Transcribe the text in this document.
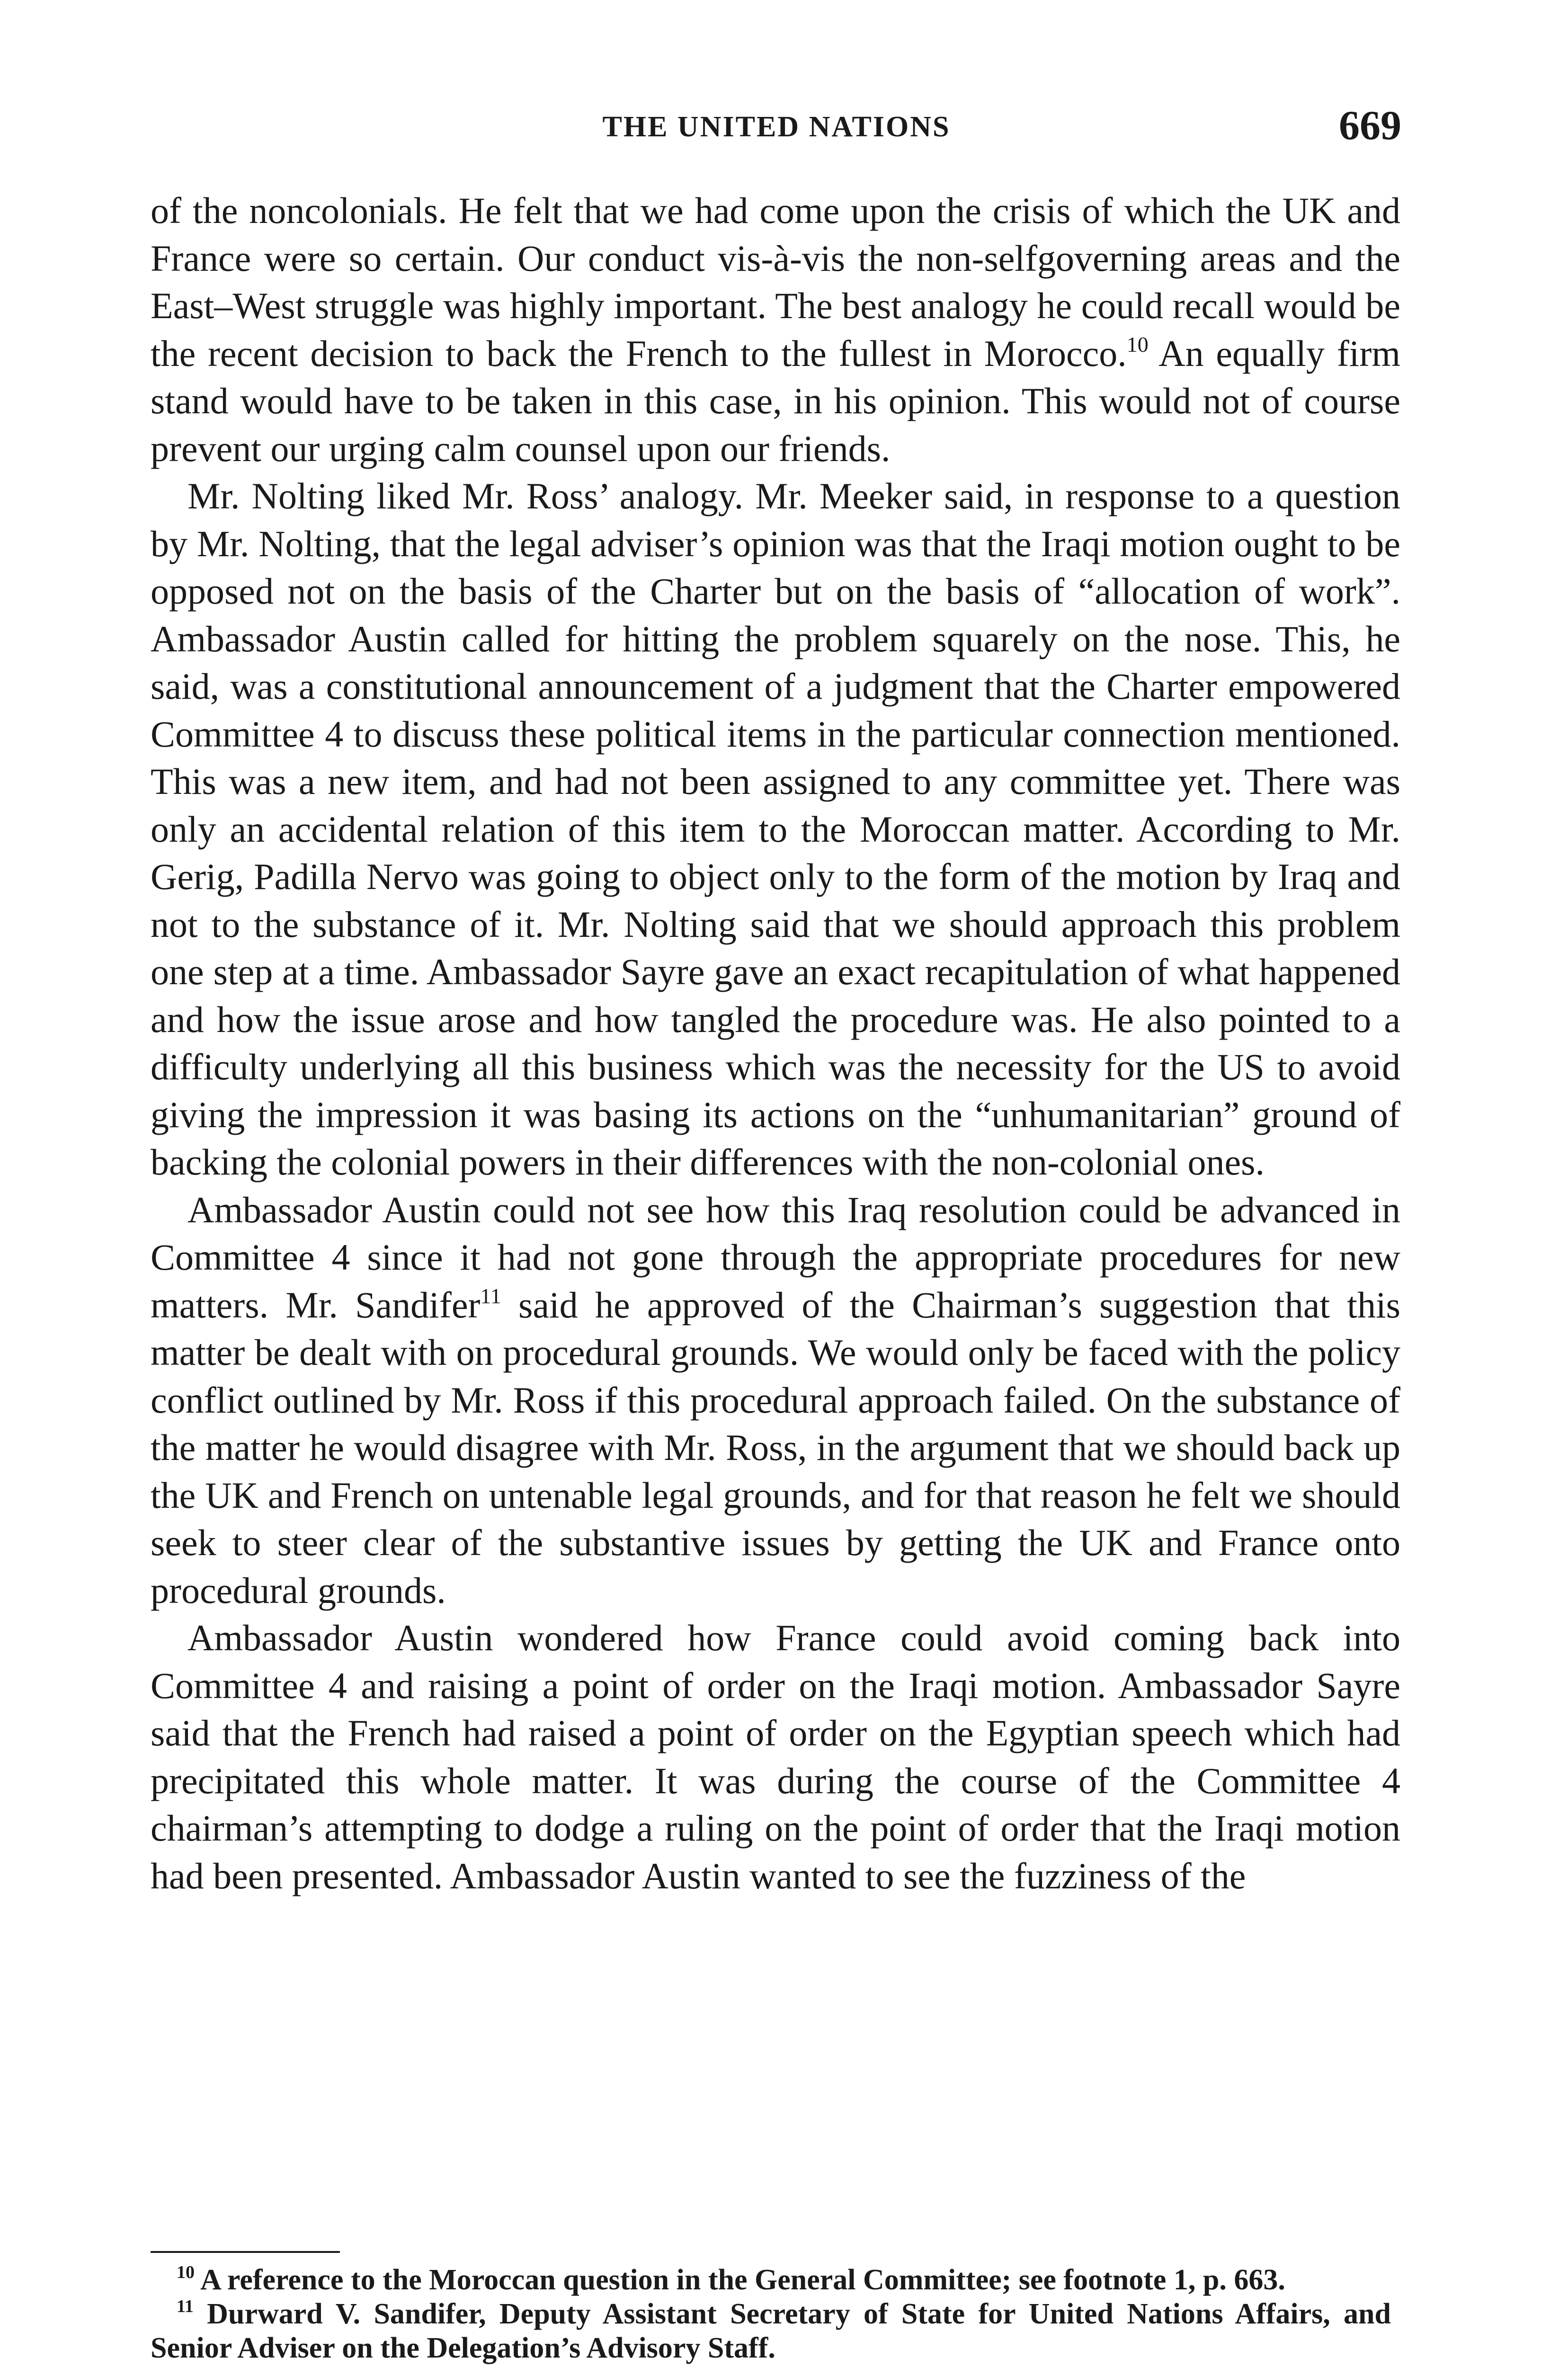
THE UNITED NATIONS	669

of the noncolonials. He felt that we had come upon the crisis of which the UK and France were so certain. Our conduct vis-à-vis the non-selfgoverning areas and the East–West struggle was highly important. The best analogy he could recall would be the recent decision to back the French to the fullest in Morocco.$^{10}$ An equally firm stand would have to be taken in this case, in his opinion. This would not of course prevent our urging calm counsel upon our friends.

Mr. Nolting liked Mr. Ross’ analogy. Mr. Meeker said, in response to a question by Mr. Nolting, that the legal adviser’s opinion was that the Iraqi motion ought to be opposed not on the basis of the Charter but on the basis of “allocation of work”. Ambassador Austin called for hitting the problem squarely on the nose. This, he said, was a constitutional announcement of a judgment that the Charter empowered Committee 4 to discuss these political items in the particular connection mentioned. This was a new item, and had not been assigned to any committee yet. There was only an accidental relation of this item to the Moroccan matter. According to Mr. Gerig, Padilla Nervo was going to object only to the form of the motion by Iraq and not to the substance of it. Mr. Nolting said that we should approach this problem one step at a time. Ambassador Sayre gave an exact recapitulation of what happened and how the issue arose and how tangled the procedure was. He also pointed to a difficulty underlying all this business which was the necessity for the US to avoid giving the impression it was basing its actions on the “unhumanitarian” ground of backing the colonial powers in their differences with the non-colonial ones.

Ambassador Austin could not see how this Iraq resolution could be advanced in Committee 4 since it had not gone through the appropriate procedures for new matters. Mr. Sandifer$^{11}$ said he approved of the Chairman’s suggestion that this matter be dealt with on procedural grounds. We would only be faced with the policy conflict outlined by Mr. Ross if this procedural approach failed. On the substance of the matter he would disagree with Mr. Ross, in the argument that we should back up the UK and French on untenable legal grounds, and for that reason he felt we should seek to steer clear of the substantive issues by getting the UK and France onto procedural grounds.

Ambassador Austin wondered how France could avoid coming back into Committee 4 and raising a point of order on the Iraqi motion. Ambassador Sayre said that the French had raised a point of order on the Egyptian speech which had precipitated this whole matter. It was during the course of the Committee 4 chairman’s attempting to dodge a ruling on the point of order that the Iraqi motion had been presented. Ambassador Austin wanted to see the fuzziness of the

$^{10}$ A reference to the Moroccan question in the General Committee; see footnote 1, p. 663.

$^{11}$ Durward V. Sandifer, Deputy Assistant Secretary of State for United Nations Affairs, and Senior Adviser on the Delegation’s Advisory Staff.
